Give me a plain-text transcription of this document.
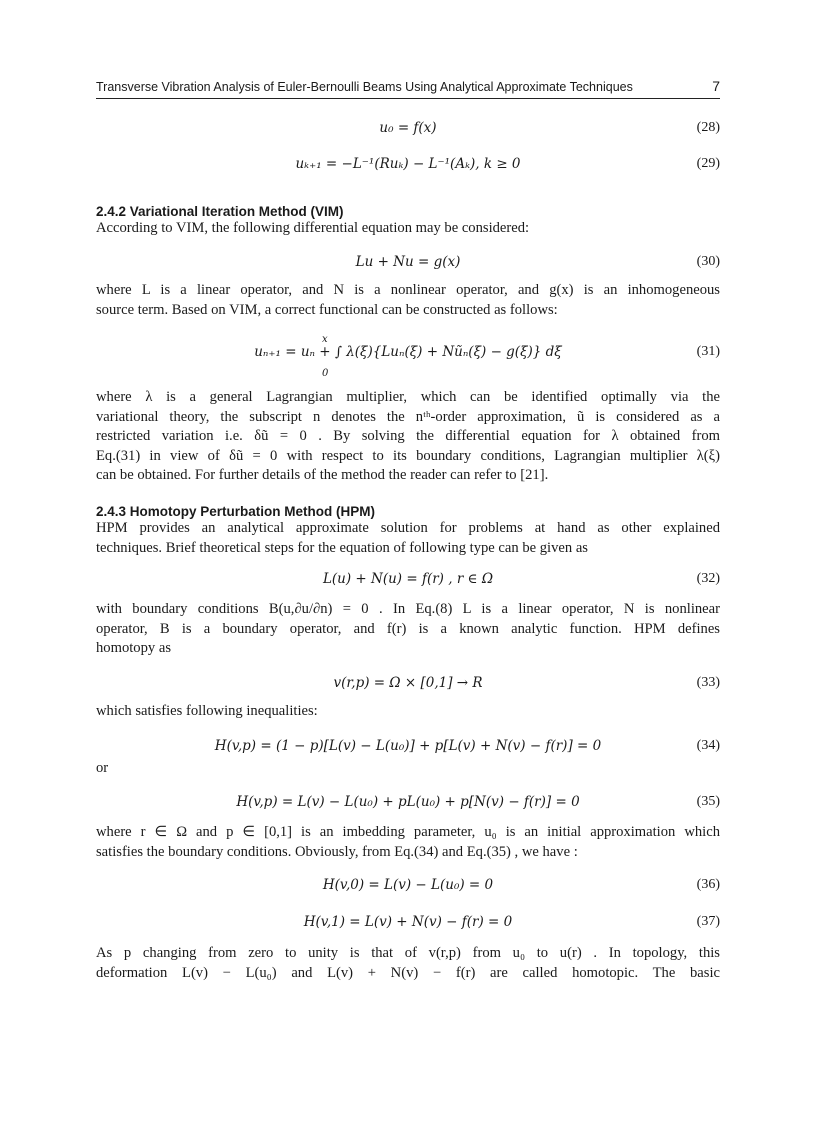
Transverse Vibration Analysis of Euler-Bernoulli Beams Using Analytical Approximate Techniques	7
u₀ = f(x)	(28)
uₖ₊₁ = −L⁻¹(Ruₖ) − L⁻¹(Aₖ), k ≥ 0	(29)
2.4.2 Variational Iteration Method (VIM)
According to VIM, the following differential equation may be considered:
Lu + Nu = g(x)	(30)
where L is a linear operator, and N is a nonlinear operator, and g(x) is an inhomogeneous
source term. Based on VIM, a correct functional can be constructed as follows:
uₙ₊₁ = uₙ + ∫ λ(ξ){Luₙ(ξ) + Nũₙ(ξ) − g(ξ)} dξ	(31)
x
0
where λ is a general Lagrangian multiplier, which can be identified optimally via the
variational theory, the subscript n denotes the nᵗʰ-order approximation, ũ is considered as a
restricted variation i.e. δũ = 0 . By solving the differential equation for λ obtained from
Eq.(31) in view of δũ = 0 with respect to its boundary conditions, Lagrangian multiplier λ(ξ)
can be obtained. For further details of the method the reader can refer to [21].
2.4.3 Homotopy Perturbation Method (HPM)
HPM provides an analytical approximate solution for problems at hand as other explained
techniques. Brief theoretical steps for the equation of following type can be given as
L(u) + N(u) = f(r) , r ∈ Ω	(32)
with boundary conditions B(u,∂u/∂n) = 0 . In Eq.(8) L is a linear operator, N is nonlinear
operator, B is a boundary operator, and f(r) is a known analytic function. HPM defines
homotopy as
v(r,p) = Ω × [0,1] → R	(33)
which satisfies following inequalities:
H(v,p) = (1 − p)[L(v) − L(u₀)] + p[L(v) + N(v) − f(r)] = 0	(34)
or
H(v,p) = L(v) − L(u₀) + pL(u₀) + p[N(v) − f(r)] = 0	(35)
where r ∈ Ω and p ∈ [0,1] is an imbedding parameter, u₀ is an initial approximation which
satisfies the boundary conditions. Obviously, from Eq.(34) and Eq.(35) , we have :
H(v,0) = L(v) − L(u₀) = 0	(36)
H(v,1) = L(v) + N(v) − f(r) = 0	(37)
As p changing from zero to unity is that of v(r,p) from u₀ to u(r) . In topology, this
deformation L(v) − L(u₀) and L(v) + N(v) − f(r) are called homotopic. The basic
